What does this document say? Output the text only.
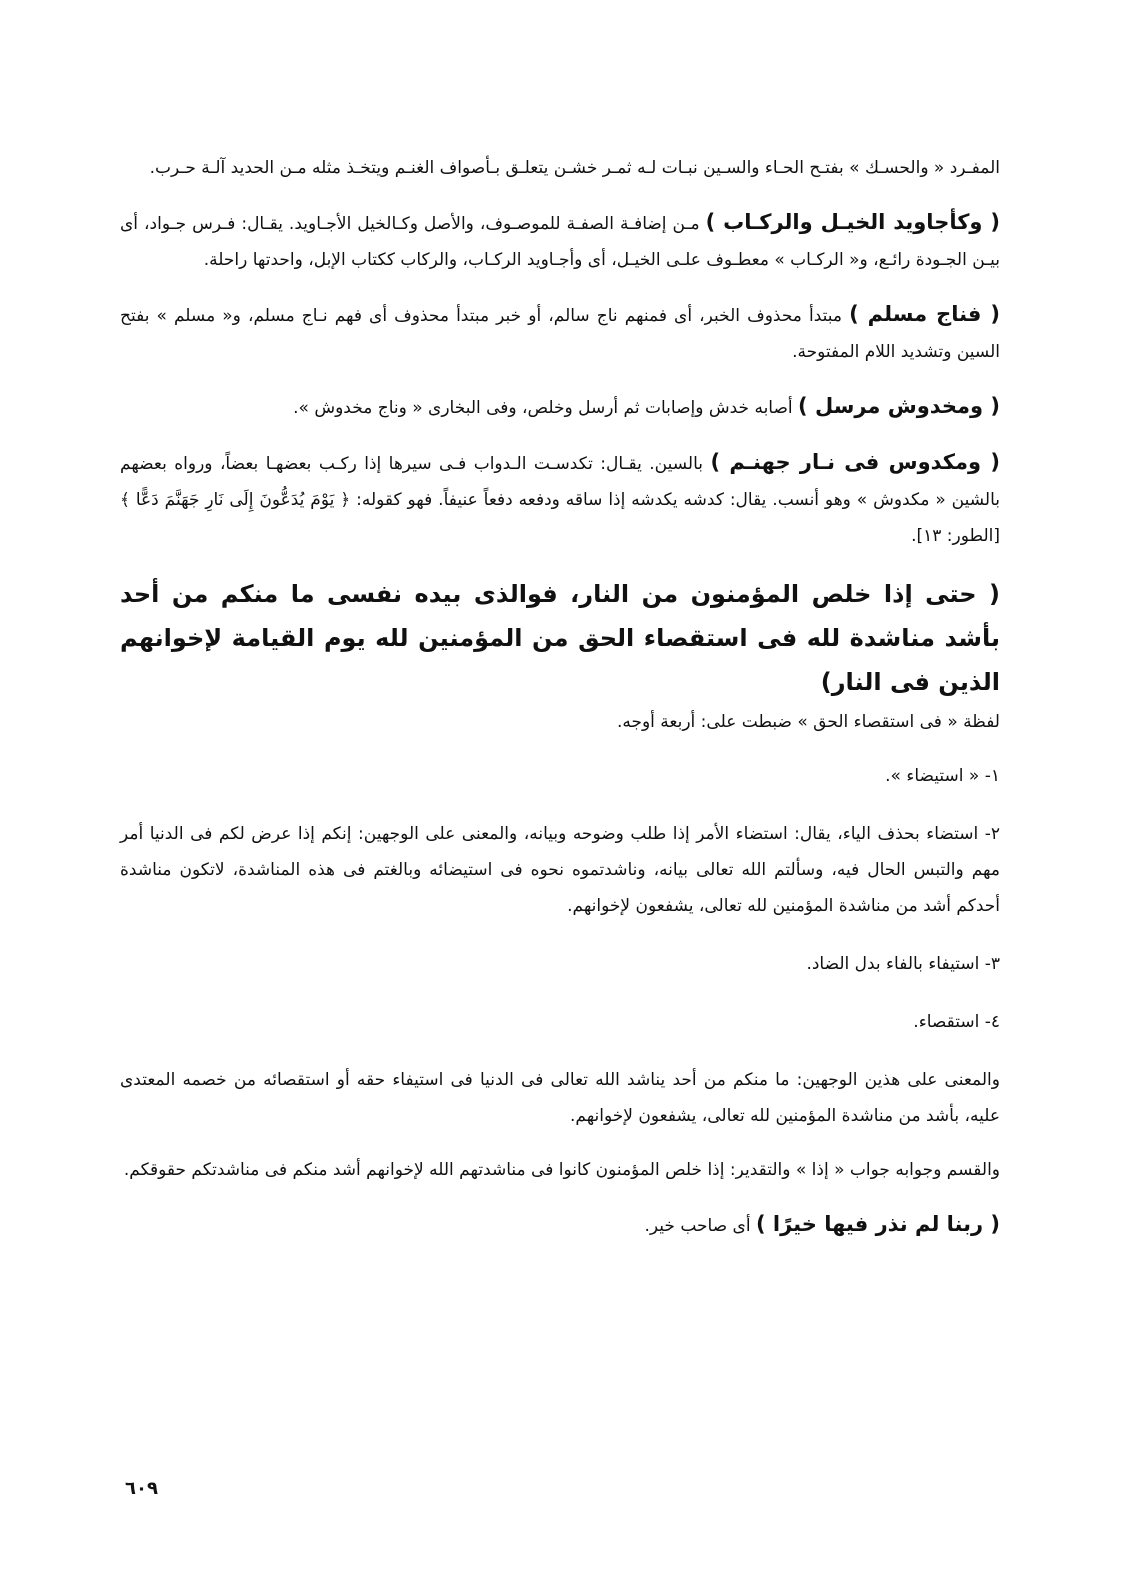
المفـرد « والحسـك » بفتـح الحـاء والسـين نبـات لـه ثمـر خشـن يتعلـق بـأصواف الغنـم ويتخـذ مثله مـن الحديد آلـة حـرب.

( وكأجاويد الخيـل والركـاب ) مـن إضافـة الصفـة للموصـوف، والأصل وكـالخيل الأجـاويد. يقـال: فـرس جـواد، أى بيـن الجـودة رائـع، و« الركـاب » معطـوف علـى الخيـل، أى وأجـاويد الركـاب، والركاب ككتاب الإبل، واحدتها راحلة.

( فناج مسلم ) مبتدأ محذوف الخبر، أى فمنهم ناج سالم، أو خبر مبتدأ محذوف أى فهم نـاج مسلم، و« مسلم » بفتح السين وتشديد اللام المفتوحة.

( ومخدوش مرسل ) أصابه خدش وإصابات ثم أرسل وخلص، وفى البخارى « وناج مخدوش ».

( ومكدوس فى نـار جهنـم ) بالسين. يقـال: تكدسـت الـدواب فـى سيرها إذا ركـب بعضهـا بعضاً، ورواه بعضهم بالشين « مكدوش » وهو أنسب. يقال: كدشه يكدشه إذا ساقه ودفعه دفعاً عنيفاً. فهو كقوله: ﴿ يَوْمَ يُدَعُّونَ إِلَى نَارِ جَهَنَّمَ دَعًّا ﴾ [الطور: ١٣].

( حتى إذا خلص المؤمنون من النار، فوالذى بيده نفسى ما منكم من أحد بأشد مناشدة لله فى استقصاء الحق من المؤمنين لله يوم القيامة لإخوانهم الذين فى النار)
لفظة « فى استقصاء الحق » ضبطت على: أربعة أوجه.

١- « استيضاء ».
٢- استضاء بحذف الياء، يقال: استضاء الأمر إذا طلب وضوحه وبيانه، والمعنى على الوجهين: إنكم إذا عرض لكم فى الدنيا أمر مهم والتبس الحال فيه، وسألتم الله تعالى بيانه، وناشدتموه نحوه فى استيضائه وبالغتم فى هذه المناشدة، لاتكون مناشدة أحدكم أشد من مناشدة المؤمنين لله تعالى، يشفعون لإخوانهم.
٣- استيفاء بالفاء بدل الضاد.
٤- استقصاء.

والمعنى على هذين الوجهين: ما منكم من أحد يناشد الله تعالى فى الدنيا فى استيفاء حقه أو استقصائه من خصمه المعتدى عليه، بأشد من مناشدة المؤمنين لله تعالى، يشفعون لإخوانهم.

والقسم وجوابه جواب « إذا » والتقدير: إذا خلص المؤمنون كانوا فى مناشدتهم الله لإخوانهم أشد منكم فى مناشدتكم حقوقكم.

( ربنا لم نذر فيها خيرًا ) أى صاحب خير.

٦٠٩
